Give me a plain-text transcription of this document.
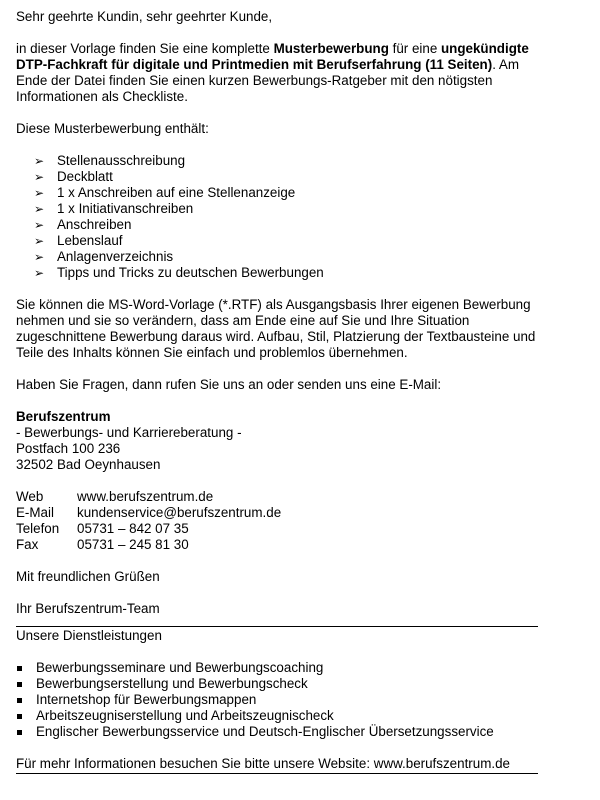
Sehr geehrte Kundin, sehr geehrter Kunde,

in dieser Vorlage finden Sie eine komplette Musterbewerbung für eine ungekündigte DTP-Fachkraft für digitale und Printmedien mit Berufserfahrung (11 Seiten). Am Ende der Datei finden Sie einen kurzen Bewerbungs-Ratgeber mit den nötigsten Informationen als Checkliste.

Diese Musterbewerbung enthält:

➢ Stellenausschreibung
➢ Deckblatt
➢ 1 x Anschreiben auf eine Stellenanzeige
➢ 1 x Initiativanschreiben
➢ Anschreiben
➢ Lebenslauf
➢ Anlagenverzeichnis
➢ Tipps und Tricks zu deutschen Bewerbungen

Sie können die MS-Word-Vorlage (*.RTF) als Ausgangsbasis Ihrer eigenen Bewerbung nehmen und sie so verändern, dass am Ende eine auf Sie und Ihre Situation zugeschnittene Bewerbung daraus wird. Aufbau, Stil, Platzierung der Textbausteine und Teile des Inhalts können Sie einfach und problemlos übernehmen.

Haben Sie Fragen, dann rufen Sie uns an oder senden uns eine E-Mail:

Berufszentrum

- Bewerbungs- und Karriereberatung -

Postfach 100 236

32502 Bad Oeynhausen

Web	www.berufszentrum.de
E-Mail	kundenservice@berufszentrum.de
Telefon	05731 – 842 07 35
Fax	05731 – 245 81 30

Mit freundlichen Grüßen

Ihr Berufszentrum-Team

Unsere Dienstleistungen

Bewerbungsseminare und Bewerbungscoaching
Bewerbungserstellung und Bewerbungscheck
Internetshop für Bewerbungsmappen
Arbeitszeugniserstellung und Arbeitszeugnischeck
Englischer Bewerbungsservice und Deutsch-Englischer Übersetzungsservice

Für mehr Informationen besuchen Sie bitte unsere Website: www.berufszentrum.de
